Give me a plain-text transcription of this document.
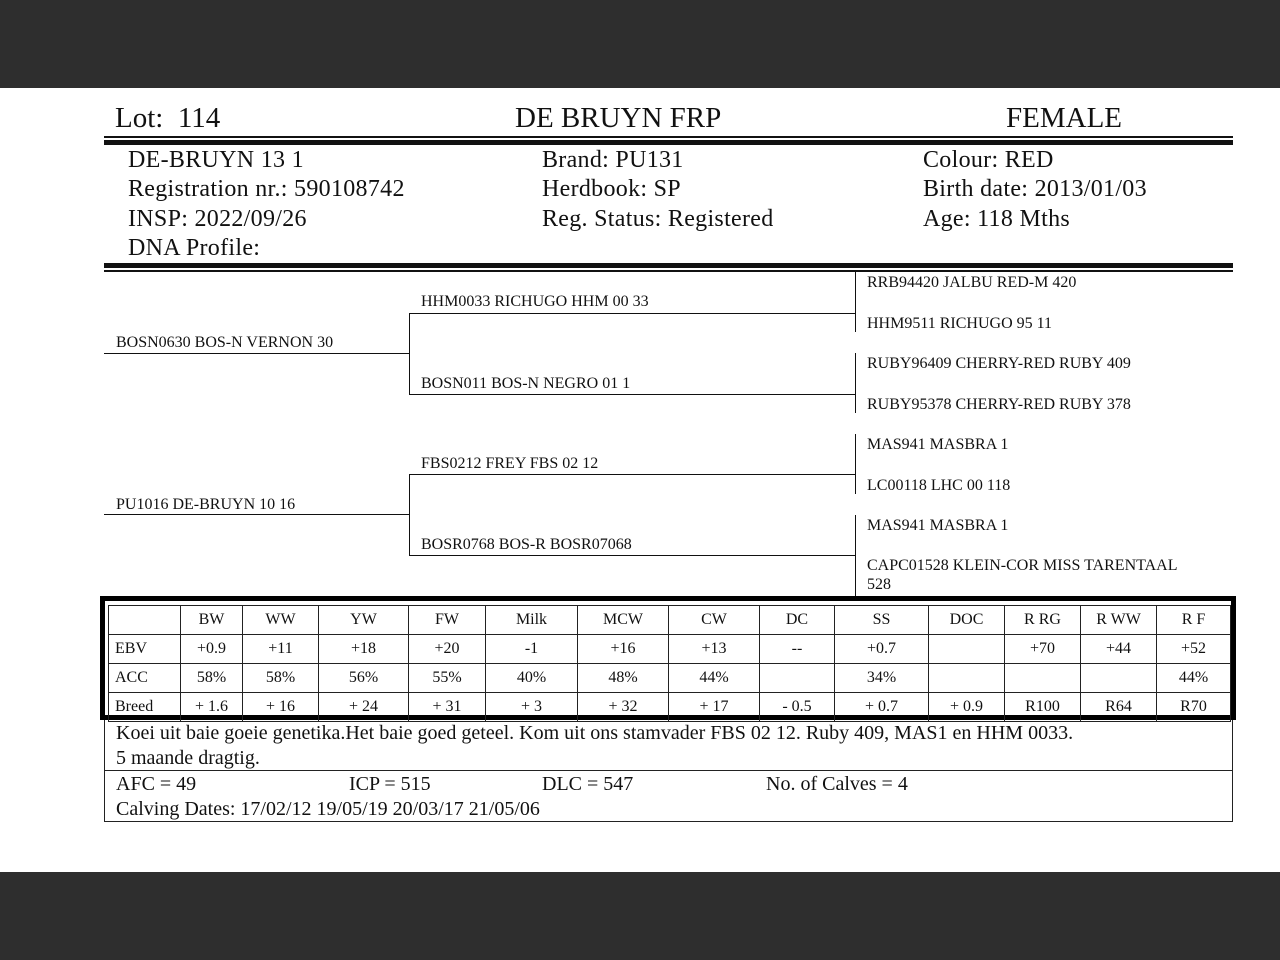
Lot: 114	DE BRUYN FRP	FEMALE
DE-BRUYN 13 1
Registration nr.: 590108742
INSP: 2022/09/26
DNA Profile:
Brand: PU131
Herdbook: SP
Reg. Status: Registered
Colour: RED
Birth date: 2013/01/03
Age: 118 Mths
BOSN0630 BOS-N VERNON 30
PU1016 DE-BRUYN 10 16
HHM0033 RICHUGO HHM 00 33
BOSN011 BOS-N NEGRO 01 1
FBS0212 FREY FBS 02 12
BOSR0768 BOS-R BOSR07068
RRB94420 JALBU RED-M 420
HHM9511 RICHUGO 95 11
RUBY96409 CHERRY-RED RUBY 409
RUBY95378 CHERRY-RED RUBY 378
MAS941 MASBRA 1
LC00118 LHC 00 118
MAS941 MASBRA 1
CAPC01528 KLEIN-COR MISS TARENTAAL
528
	BW	WW	YW	FW	Milk	MCW	CW	DC	SS	DOC	R RG	R WW	R F
EBV	+0.9	+11	+18	+20	-1	+16	+13	--	+0.7		+70	+44	+52
ACC	58%	58%	56%	55%	40%	48%	44%		34%				44%
Breed	+ 1.6	+ 16	+ 24	+ 31	+ 3	+ 32	+ 17	- 0.5	+ 0.7	+ 0.9	R100	R64	R70
Koei uit baie goeie genetika.Het baie goed geteel. Kom uit ons stamvader FBS 02 12. Ruby 409, MAS1 en HHM 0033.
5 maande dragtig.
AFC = 49	ICP = 515	DLC = 547	No. of Calves = 4
Calving Dates: 17/02/12 19/05/19 20/03/17 21/05/06
